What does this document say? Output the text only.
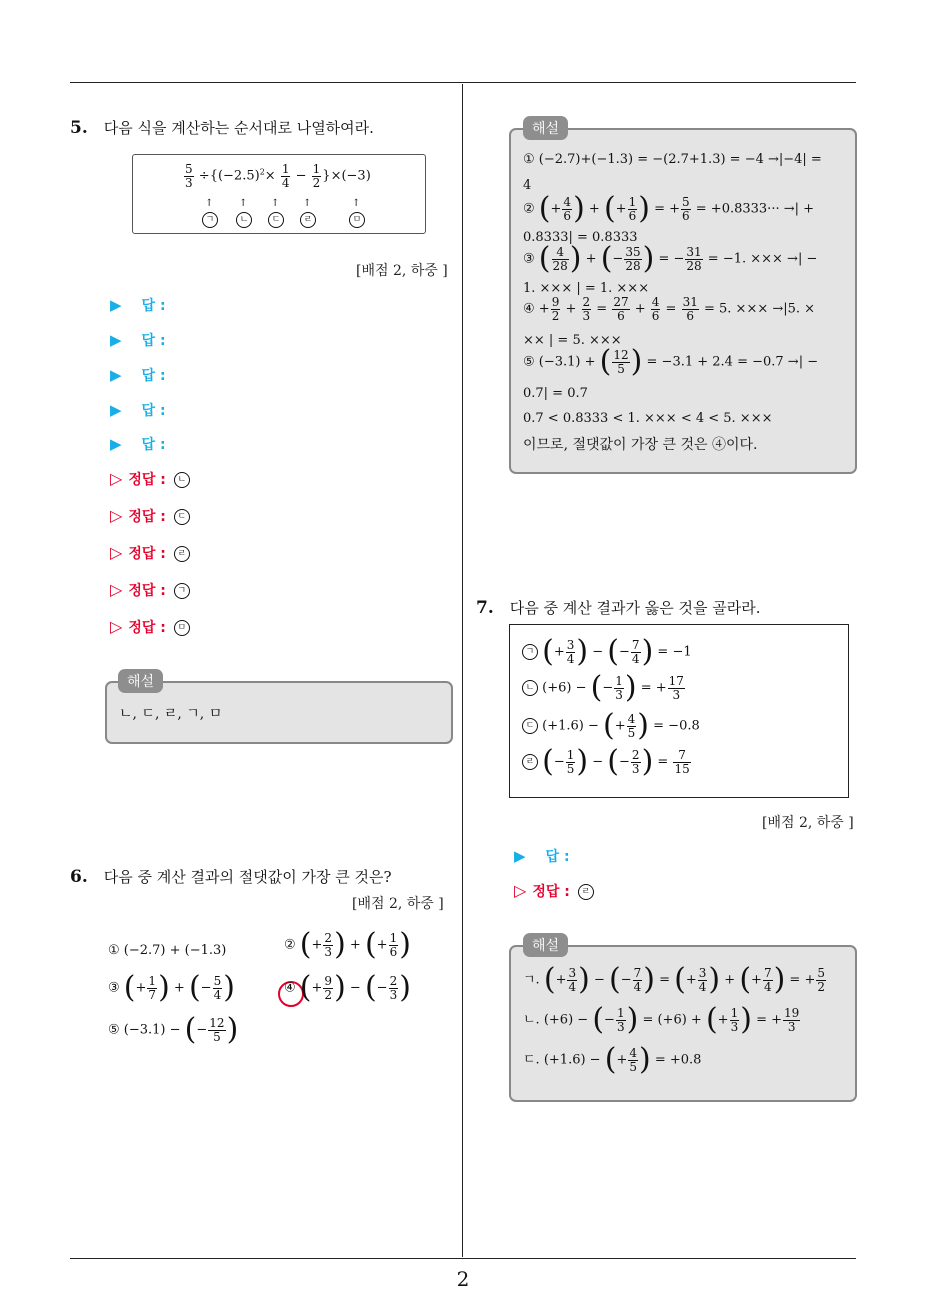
2
5. 다음 식을 계산하는 순서대로 나열하여라.
$\frac{5}{3} \div\{(-2.5)^2\times \frac{1}{4} - \frac{1}{2} \}\times(-3)$
↑	↑ ↑ ↑	↑
ㄱ	ㄴ	ㄷ	ㄹ	ㅁ
[배점 2, 하중 ]
▶ 답 :
▶ 답 :
▶ 답 :
▶ 답 :
▶ 답 :
▷ 정답 : ㄴ
▷ 정답 : ㄷ
▷ 정답 : ㄹ
▷ 정답 : ㄱ
▷ 정답 : ㅁ
ㄴ, ㄷ, ㄹ, ㄱ, ㅁ
해설
6. 다음 중 계산 결과의 절댓값이 가장 큰 것은?
[배점 2, 하중 ]
① (−2.7) + (−1.3)	② (+ $\frac{2}{3}$ ) + (+ $\frac{1}{6}$ )
③ (+ $\frac{1}{7}$ ) + (− $\frac{5}{4}$ )	④ (+ $\frac{9}{2}$ ) − (− $\frac{2}{3}$ )
⑤ (−3.1) − (− $\frac{12}{5}$ )
① (−2.7)+(−1.3) = −(2.7+1.3) = −4 →|−4| =
4
② (+ $\frac{4}{6}$ ) + (+ $\frac{1}{6}$ ) = + $\frac{5}{6} = +0.8333\cdot\cdot\cdot$ →| +
0.8333| = 0.8333
③ ( $\frac{4}{28}$ ) + (− $\frac{35}{28}$ ) = − $\frac{31}{28} = -1$. ××× →| −
1. ××× | = 1. ×××
④ + $\frac{9}{2} + \frac{2}{3} = \frac{27}{6} + \frac{4}{6} = \frac{31}{6} = 5$. ××× →|5. ×
×× | = 5. ×××
⑤ (−3.1) + ( $\frac{12}{5}$ ) = −3.1 + 2.4 = −0.7 →| −
0.7| = 0.7
0.7 < 0.8333 < 1. ××× < 4 < 5. ×××
이므로, 절댓값이 가장 큰 것은 ④이다.
해설
7. 다음 중 계산 결과가 옳은 것을 골라라.
ㄱ (+ $\frac{3}{4}$ ) − (− $\frac{7}{4}$ ) = −1
ㄴ (+6) − (− $\frac{1}{3}$ ) = + $\frac{17}{3}$
ㄷ (+1.6) − (+ $\frac{4}{5}$ ) = −0.8
ㄹ (− $\frac{1}{5}$ ) − (− $\frac{2}{3}$ ) = $\frac{7}{15}$
[배점 2, 하중 ]
▶ 답 :
▷ 정답 : ㄹ
ㄱ. (+ $\frac{3}{4}$ ) − (− $\frac{7}{4}$ ) = (+ $\frac{3}{4}$ ) + (+ $\frac{7}{4}$ ) = + $\frac{5}{2}$
ㄴ. (+6) − (− $\frac{1}{3}$ ) = (+6) + (+ $\frac{1}{3}$ ) = + $\frac{19}{3}$
ㄷ. (+1.6) − (+ $\frac{4}{5}$ ) = +0.8
해설
